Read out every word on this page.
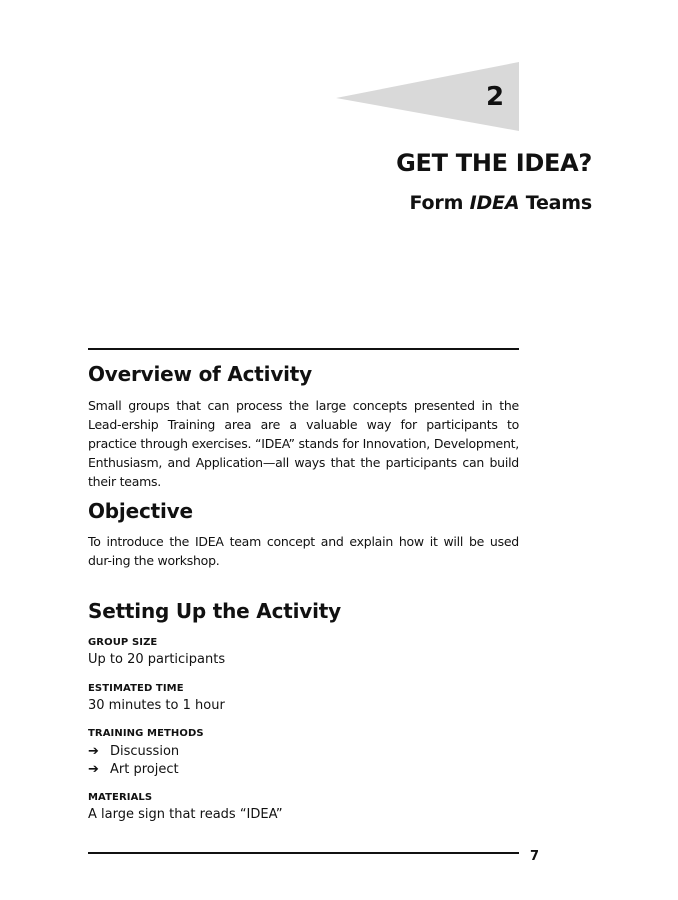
2
GET THE IDEA?
Form IDEA Teams
Overview of Activity

Small groups that can process the large concepts presented in the Lead-ership Training area are a valuable way for participants to practice through exercises. “IDEA” stands for Innovation, Development, Enthusiasm, and Application—all ways that the participants can build their teams.

Objective

To introduce the IDEA team concept and explain how it will be used dur-ing the workshop.

Setting Up the Activity
GROUP SIZE
Up to 20 participants
ESTIMATED TIME
30 minutes to 1 hour
TRAINING METHODS
➔ Discussion
➔ Art project
MATERIALS
A large sign that reads “IDEA”
7
